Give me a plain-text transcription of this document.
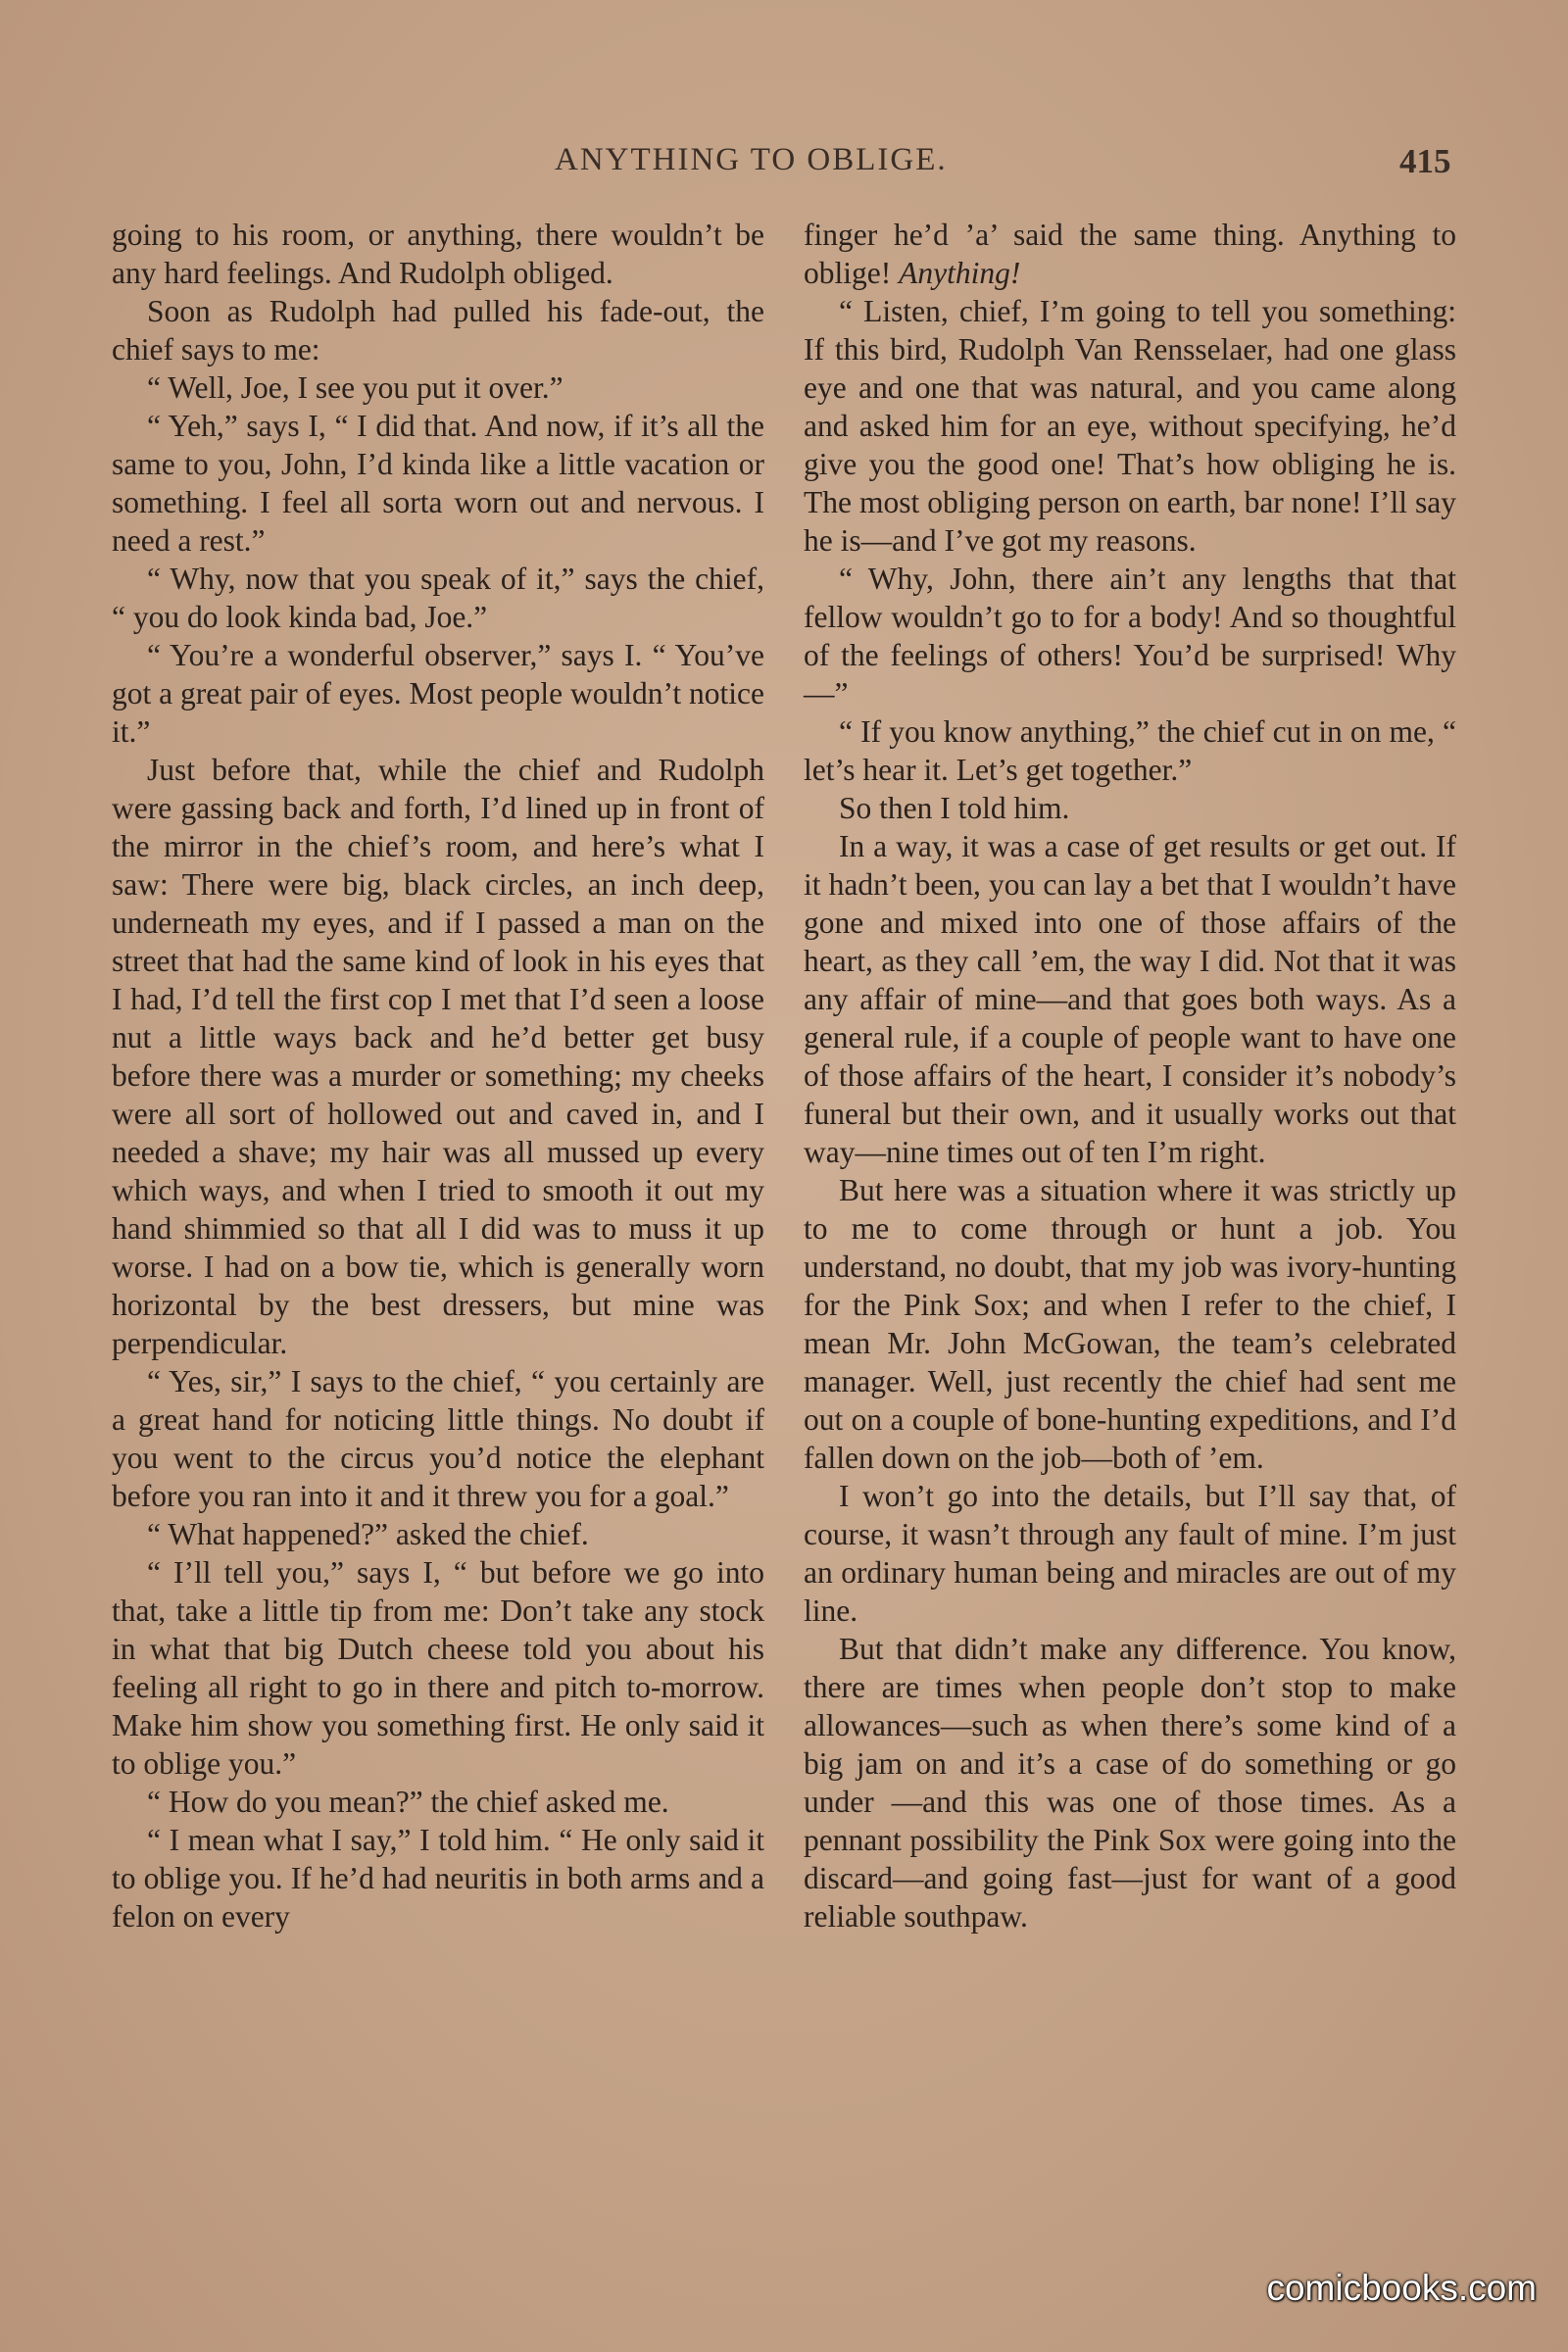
ANYTHING TO OBLIGE.	415

going to his room, or anything, there wouldn’t be any hard feelings. And Rudolph obliged.

Soon as Rudolph had pulled his fade-out, the chief says to me:

“ Well, Joe, I see you put it over.”

“ Yeh,” says I, “ I did that. And now, if it’s all the same to you, John, I’d kinda like a little vacation or something. I feel all sorta worn out and nervous. I need a rest.”

“ Why, now that you speak of it,” says the chief, “ you do look kinda bad, Joe.”

“ You’re a wonderful observer,” says I. “ You’ve got a great pair of eyes. Most people wouldn’t notice it.”

Just before that, while the chief and Rudolph were gassing back and forth, I’d lined up in front of the mirror in the chief’s room, and here’s what I saw: There were big, black circles, an inch deep, underneath my eyes, and if I passed a man on the street that had the same kind of look in his eyes that I had, I’d tell the first cop I met that I’d seen a loose nut a little ways back and he’d better get busy before there was a murder or something; my cheeks were all sort of hollowed out and caved in, and I needed a shave; my hair was all mussed up every which ways, and when I tried to smooth it out my hand shimmied so that all I did was to muss it up worse. I had on a bow tie, which is generally worn horizontal by the best dressers, but mine was perpendicular.

“ Yes, sir,” I says to the chief, “ you certainly are a great hand for noticing little things. No doubt if you went to the circus you’d notice the elephant before you ran into it and it threw you for a goal.”

“ What happened?” asked the chief.

“ I’ll tell you,” says I, “ but before we go into that, take a little tip from me: Don’t take any stock in what that big Dutch cheese told you about his feeling all right to go in there and pitch to-morrow. Make him show you something first. He only said it to oblige you.”

“ How do you mean?” the chief asked me.

“ I mean what I say,” I told him. “ He only said it to oblige you. If he’d had neuritis in both arms and a felon on every

finger he’d ’a’ said the same thing. Anything to oblige! Anything!

“ Listen, chief, I’m going to tell you something: If this bird, Rudolph Van Rensselaer, had one glass eye and one that was natural, and you came along and asked him for an eye, without specifying, he’d give you the good one! That’s how obliging he is. The most obliging person on earth, bar none! I’ll say he is—and I’ve got my reasons.

“ Why, John, there ain’t any lengths that that fellow wouldn’t go to for a body! And so thoughtful of the feelings of others! You’d be surprised! Why—”

“ If you know anything,” the chief cut in on me, “ let’s hear it. Let’s get together.”

So then I told him.

In a way, it was a case of get results or get out. If it hadn’t been, you can lay a bet that I wouldn’t have gone and mixed into one of those affairs of the heart, as they call ’em, the way I did. Not that it was any affair of mine—and that goes both ways. As a general rule, if a couple of people want to have one of those affairs of the heart, I consider it’s nobody’s funeral but their own, and it usually works out that way—nine times out of ten I’m right.

But here was a situation where it was strictly up to me to come through or hunt a job. You understand, no doubt, that my job was ivory-hunting for the Pink Sox; and when I refer to the chief, I mean Mr. John McGowan, the team’s celebrated manager. Well, just recently the chief had sent me out on a couple of bone-hunting expeditions, and I’d fallen down on the job—both of ’em.

I won’t go into the details, but I’ll say that, of course, it wasn’t through any fault of mine. I’m just an ordinary human being and miracles are out of my line.

But that didn’t make any difference. You know, there are times when people don’t stop to make allowances—such as when there’s some kind of a big jam on and it’s a case of do something or go under —and this was one of those times. As a pennant possibility the Pink Sox were going into the discard—and going fast—just for want of a good reliable southpaw.

comicbooks.com
